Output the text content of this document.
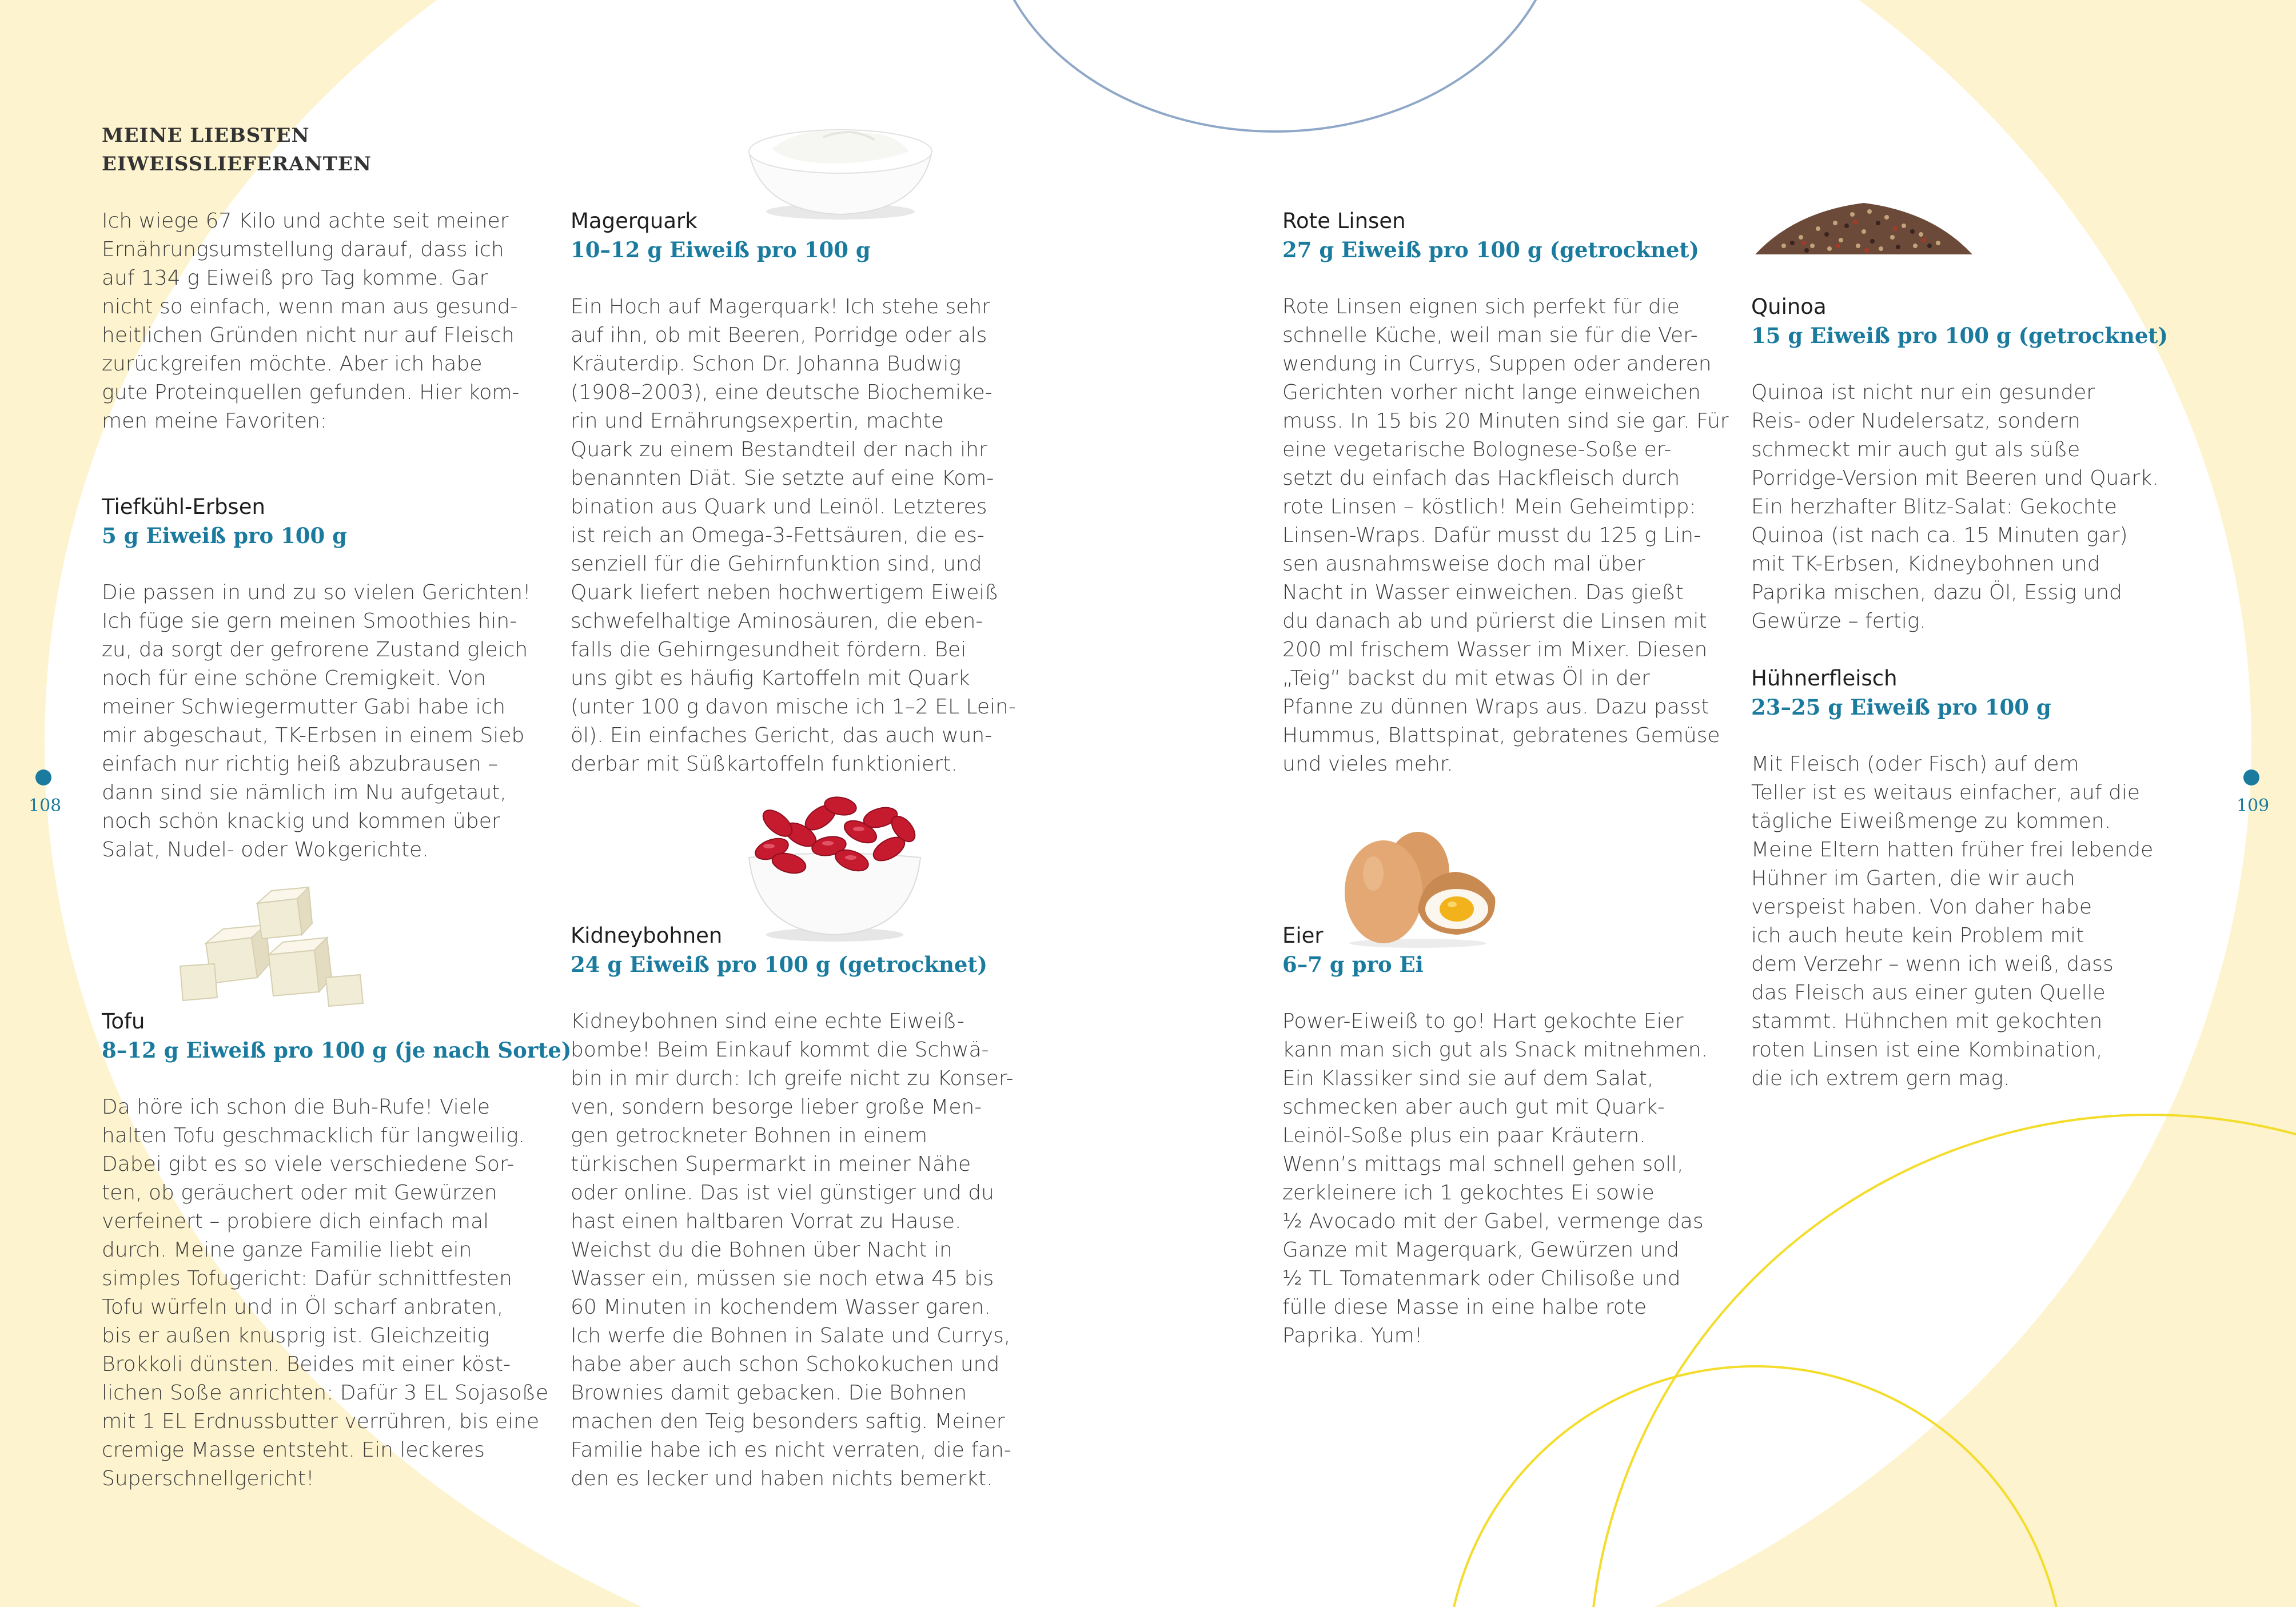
108	109
MEINE LIEBSTEN
EIWEISSLIEFERANTEN
Ich wiege 67 Kilo und achte seit meiner
Ernährungsumstellung darauf, dass ich
auf 134 g Eiweiß pro Tag komme. Gar
nicht so einfach, wenn man aus gesund-
heitlichen Gründen nicht nur auf Fleisch
zurückgreifen möchte. Aber ich habe
gute Proteinquellen gefunden. Hier kom-
men meine Favoriten:
Tiefkühl-Erbsen
5 g Eiweiß pro 100 g
Die passen in und zu so vielen Gerichten!
Ich füge sie gern meinen Smoothies hin-
zu, da sorgt der gefrorene Zustand gleich
noch für eine schöne Cremigkeit. Von
meiner Schwiegermutter Gabi habe ich
mir abgeschaut, TK-Erbsen in einem Sieb
einfach nur richtig heiß abzubrausen –
dann sind sie nämlich im Nu aufgetaut,
noch schön knackig und kommen über
Salat, Nudel- oder Wokgerichte.
Tofu
8–12 g Eiweiß pro 100 g (je nach Sorte)
Da höre ich schon die Buh-Rufe! Viele
halten Tofu geschmacklich für langweilig.
Dabei gibt es so viele verschiedene Sor-
ten, ob geräuchert oder mit Gewürzen
verfeinert – probiere dich einfach mal
durch. Meine ganze Familie liebt ein
simples Tofugericht: Dafür schnittfesten
Tofu würfeln und in Öl scharf anbraten,
bis er außen knusprig ist. Gleichzeitig
Brokkoli dünsten. Beides mit einer köst-
lichen Soße anrichten: Dafür 3 EL Sojasoße
mit 1 EL Erdnussbutter verrühren, bis eine
cremige Masse entsteht. Ein leckeres
Superschnellgericht!
Magerquark
10–12 g Eiweiß pro 100 g
Ein Hoch auf Magerquark! Ich stehe sehr
auf ihn, ob mit Beeren, Porridge oder als
Kräuterdip. Schon Dr. Johanna Budwig
(1908–2003), eine deutsche Biochemike-
rin und Ernährungsexpertin, machte
Quark zu einem Bestandteil der nach ihr
benannten Diät. Sie setzte auf eine Kom-
bination aus Quark und Leinöl. Letzteres
ist reich an Omega-3-Fettsäuren, die es-
senziell für die Gehirnfunktion sind, und
Quark liefert neben hochwertigem Eiweiß
schwefelhaltige Aminosäuren, die eben-
falls die Gehirngesundheit fördern. Bei
uns gibt es häufig Kartoffeln mit Quark
(unter 100 g davon mische ich 1–2 EL Lein-
öl). Ein einfaches Gericht, das auch wun-
derbar mit Süßkartoffeln funktioniert.
Kidneybohnen
24 g Eiweiß pro 100 g (getrocknet)
Kidneybohnen sind eine echte Eiweiß-
bombe! Beim Einkauf kommt die Schwä-
bin in mir durch: Ich greife nicht zu Konser-
ven, sondern besorge lieber große Men-
gen getrockneter Bohnen in einem
türkischen Supermarkt in meiner Nähe
oder online. Das ist viel günstiger und du
hast einen haltbaren Vorrat zu Hause.
Weichst du die Bohnen über Nacht in
Wasser ein, müssen sie noch etwa 45 bis
60 Minuten in kochendem Wasser garen.
Ich werfe die Bohnen in Salate und Currys,
habe aber auch schon Schokokuchen und
Brownies damit gebacken. Die Bohnen
machen den Teig besonders saftig. Meiner
Familie habe ich es nicht verraten, die fan-
den es lecker und haben nichts bemerkt.
Rote Linsen
27 g Eiweiß pro 100 g (getrocknet)
Rote Linsen eignen sich perfekt für die
schnelle Küche, weil man sie für die Ver-
wendung in Currys, Suppen oder anderen
Gerichten vorher nicht lange einweichen
muss. In 15 bis 20 Minuten sind sie gar. Für
eine vegetarische Bolognese-Soße er-
setzt du einfach das Hackfleisch durch
rote Linsen – köstlich! Mein Geheimtipp:
Linsen-Wraps. Dafür musst du 125 g Lin-
sen ausnahmsweise doch mal über
Nacht in Wasser einweichen. Das gießt
du danach ab und pürierst die Linsen mit
200 ml frischem Wasser im Mixer. Diesen
„Teig“ backst du mit etwas Öl in der
Pfanne zu dünnen Wraps aus. Dazu passt
Hummus, Blattspinat, gebratenes Gemüse
und vieles mehr.
Eier
6–7 g pro Ei
Power-Eiweiß to go! Hart gekochte Eier
kann man sich gut als Snack mitnehmen.
Ein Klassiker sind sie auf dem Salat,
schmecken aber auch gut mit Quark-
Leinöl-Soße plus ein paar Kräutern.
Wenn’s mittags mal schnell gehen soll,
zerkleinere ich 1 gekochtes Ei sowie
½ Avocado mit der Gabel, vermenge das
Ganze mit Magerquark, Gewürzen und
½ TL Tomatenmark oder Chilisoße und
fülle diese Masse in eine halbe rote
Paprika. Yum!
Quinoa
15 g Eiweiß pro 100 g (getrocknet)
Quinoa ist nicht nur ein gesunder
Reis- oder Nudelersatz, sondern
schmeckt mir auch gut als süße
Porridge-Version mit Beeren und Quark.
Ein herzhafter Blitz-Salat: Gekochte
Quinoa (ist nach ca. 15 Minuten gar)
mit TK-Erbsen, Kidneybohnen und
Paprika mischen, dazu Öl, Essig und
Gewürze – fertig.
Hühnerfleisch
23–25 g Eiweiß pro 100 g
Mit Fleisch (oder Fisch) auf dem
Teller ist es weitaus einfacher, auf die
tägliche Eiweißmenge zu kommen.
Meine Eltern hatten früher frei lebende
Hühner im Garten, die wir auch
verspeist haben. Von daher habe
ich auch heute kein Problem mit
dem Verzehr – wenn ich weiß, dass
das Fleisch aus einer guten Quelle
stammt. Hühnchen mit gekochten
roten Linsen ist eine Kombination,
die ich extrem gern mag.
